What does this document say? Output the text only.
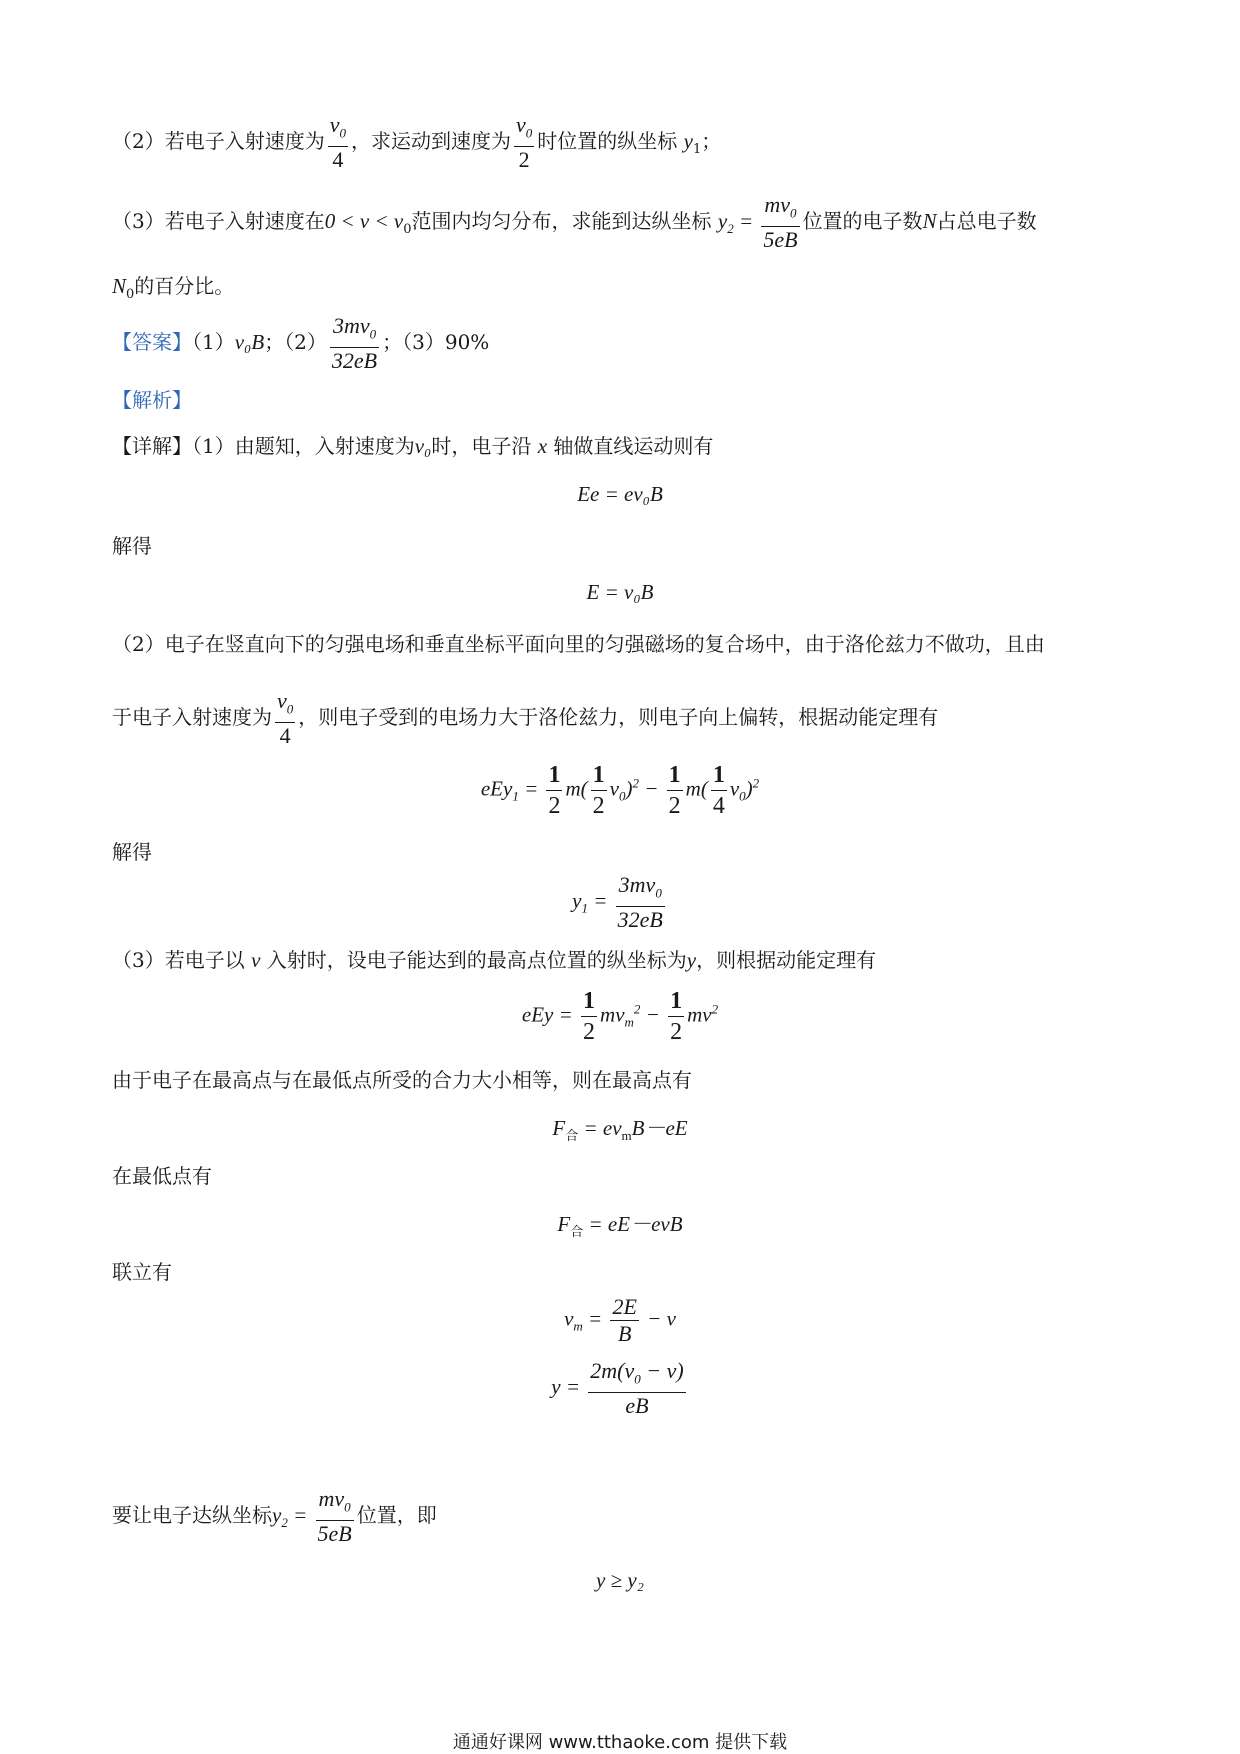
（2）若电子入射速度为 $\frac{v_0}{4}$ ，求运动到速度为 $\frac{v_0}{2}$ 时位置的纵坐标 $y_1$；
（3）若电子入射速度在$0 < v < v_0$范围内均匀分布，求能到达纵坐标 $y_2 = \frac{mv_0}{5eB}$ 位置的电子数N占总电子数
$N_0$的百分比。
【答案】（1）v₀B；$(2) \frac{3mv_0}{32eB}$ ；（3）90%
【解析】
【详解】（1）由题知，入射速度为v₀时，电子沿 x 轴做直线运动则有
Ee = ev₀B
解得
E = v₀B
（2）电子在竖直向下的匀强电场和垂直坐标平面向里的匀强磁场的复合场中，由于洛伦兹力不做功，且由
于电子入射速度为 $\frac{v_0}{4}$ ，则电子受到的电场力大于洛伦兹力，则电子向上偏转，根据动能定理有
$eEy_1 = \frac{1}{2} m( \frac{1}{2} v_0)^2 - \frac{1}{2} m( \frac{1}{4} v_0)^2$
解得
$y_1 = \frac{3mv_0}{32eB}$
（3）若电子以 v 入射时，设电子能达到的最高点位置的纵坐标为y，则根据动能定理有
eEy = $\frac{1}{2} mv_m^2 - \frac{1}{2} mv^2$
由于电子在最高点与在最低点所受的合力大小相等，则在最高点有
$F_合 = ev_mB-eE$
在最低点有
$F_合 = eE-evB$
联立有
$v_m = \frac{2E}{B} - v$
$y = \frac{2m(v_0 - v)}{eB}$
要让电子达纵坐标$y_2 = \frac{mv_0}{5eB}$ 位置，即
y ≥ y₂
通通好课网 www.tthaoke.com 提供下载
